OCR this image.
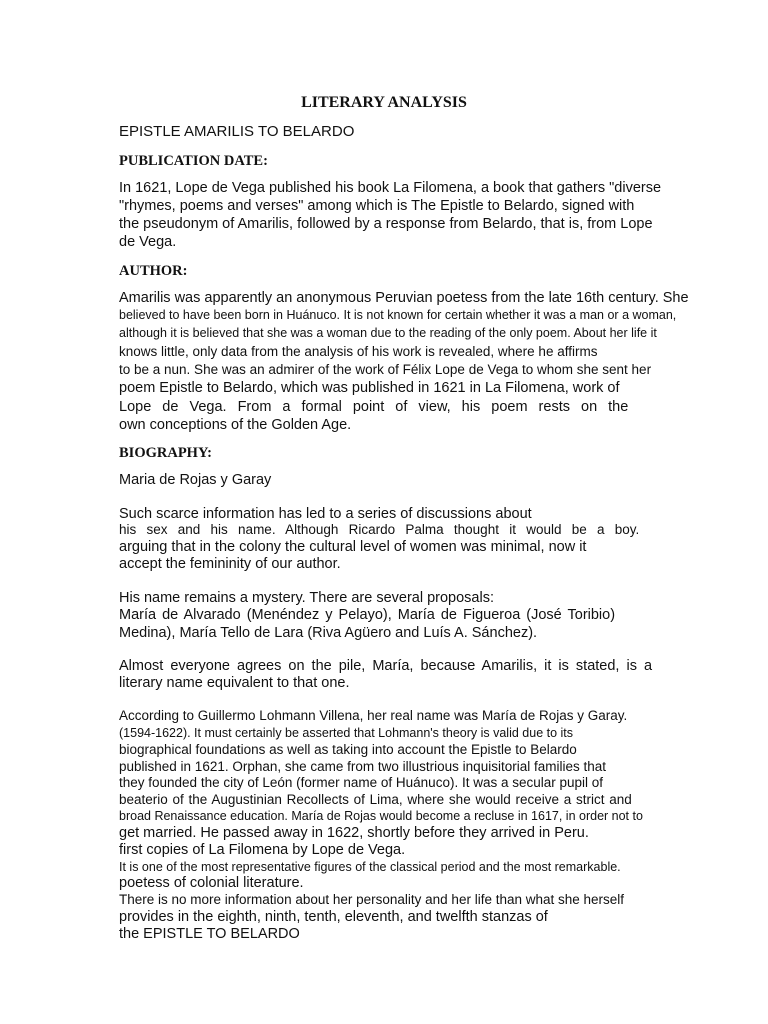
LITERARY ANALYSIS
EPISTLE AMARILIS TO BELARDO
PUBLICATION DATE:
In 1621, Lope de Vega published his book La Filomena, a book that gathers "diverse
"rhymes, poems and verses" among which is The Epistle to Belardo, signed with
the pseudonym of Amarilis, followed by a response from Belardo, that is, from Lope
de Vega.
AUTHOR:
Amarilis was apparently an anonymous Peruvian poetess from the late 16th century. She
believed to have been born in Huánuco. It is not known for certain whether it was a man or a woman,
although it is believed that she was a woman due to the reading of the only poem. About her life it
knows little, only data from the analysis of his work is revealed, where he affirms
to be a nun. She was an admirer of the work of Félix Lope de Vega to whom she sent her
poem Epistle to Belardo, which was published in 1621 in La Filomena, work of
Lope de Vega. From a formal point of view, his poem rests on the
own conceptions of the Golden Age.
BIOGRAPHY:
Maria de Rojas y Garay
Such scarce information has led to a series of discussions about
his sex and his name. Although Ricardo Palma thought it would be a boy.
arguing that in the colony the cultural level of women was minimal, now it
accept the femininity of our author.
His name remains a mystery. There are several proposals:
María de Alvarado (Menéndez y Pelayo), María de Figueroa (José Toribio)
Medina), María Tello de Lara (Riva Agüero and Luís A. Sánchez).
Almost everyone agrees on the pile, María, because Amarilis, it is stated, is a
literary name equivalent to that one.
According to Guillermo Lohmann Villena, her real name was María de Rojas y Garay.
(1594-1622). It must certainly be asserted that Lohmann's theory is valid due to its
biographical foundations as well as taking into account the Epistle to Belardo
published in 1621. Orphan, she came from two illustrious inquisitorial families that
they founded the city of León (former name of Huánuco). It was a secular pupil of
beaterio of the Augustinian Recollects of Lima, where she would receive a strict and
broad Renaissance education. María de Rojas would become a recluse in 1617, in order not to
get married. He passed away in 1622, shortly before they arrived in Peru.
first copies of La Filomena by Lope de Vega.
It is one of the most representative figures of the classical period and the most remarkable.
poetess of colonial literature.
There is no more information about her personality and her life than what she herself
provides in the eighth, ninth, tenth, eleventh, and twelfth stanzas of
the EPISTLE TO BELARDO
